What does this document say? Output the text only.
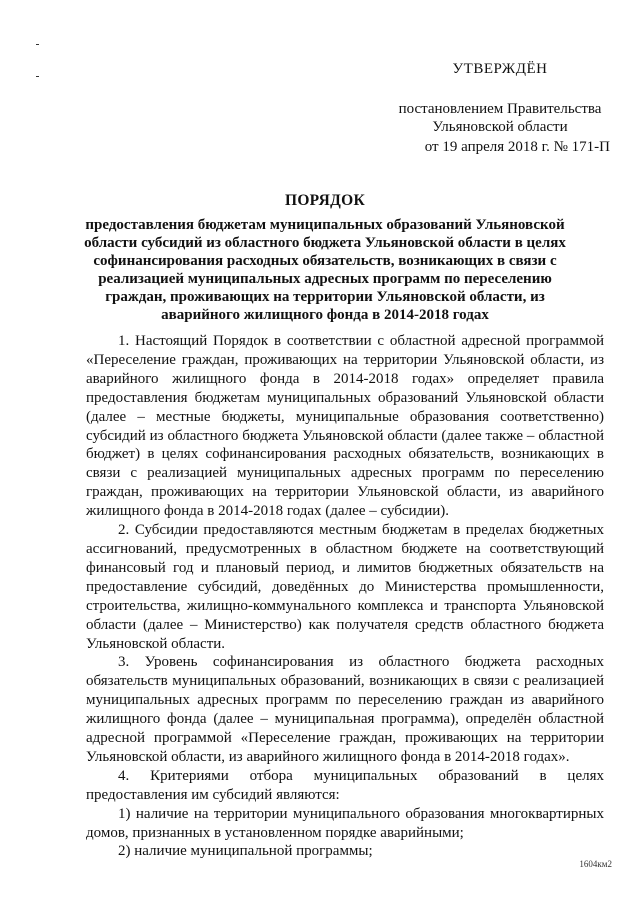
УТВЕРЖДЁН
постановлением Правительства
Ульяновской области
от 19 апреля 2018 г. № 171-П
ПОРЯДОК
предоставления бюджетам муниципальных образований Ульяновской области субсидий из областного бюджета Ульяновской области в целях софинансирования расходных обязательств, возникающих в связи с реализацией муниципальных адресных программ по переселению граждан, проживающих на территории Ульяновской области, из аварийного жилищного фонда в 2014-2018 годах

1. Настоящий Порядок в соответствии с областной адресной программой «Переселение граждан, проживающих на территории Ульяновской области, из аварийного жилищного фонда в 2014-2018 годах» определяет правила предоставления бюджетам муниципальных образований Ульяновской области (далее – местные бюджеты, муниципальные образования соответственно) субсидий из областного бюджета Ульяновской области (далее также – областной бюджет) в целях софинансирования расходных обязательств, возникающих в связи с реализацией муниципальных адресных программ по переселению граждан, проживающих на территории Ульяновской области, из аварийного жилищного фонда в 2014-2018 годах (далее – субсидии).

2. Субсидии предоставляются местным бюджетам в пределах бюджетных ассигнований, предусмотренных в областном бюджете на соответствующий финансовый год и плановый период, и лимитов бюджетных обязательств на предоставление субсидий, доведённых до Министерства промышленности, строительства, жилищно-коммунального комплекса и транспорта Ульяновской области (далее – Министерство) как получателя средств областного бюджета Ульяновской области.

3. Уровень софинансирования из областного бюджета расходных обязательств муниципальных образований, возникающих в связи с реализацией муниципальных адресных программ по переселению граждан из аварийного жилищного фонда (далее – муниципальная программа), определён областной адресной программой «Переселение граждан, проживающих на территории Ульяновской области, из аварийного жилищного фонда в 2014-2018 годах».

4. Критериями отбора муниципальных образований в целях предоставления им субсидий являются:

1) наличие на территории муниципального образования многоквартирных домов, признанных в установленном порядке аварийными;

2) наличие муниципальной программы;

1604км2
